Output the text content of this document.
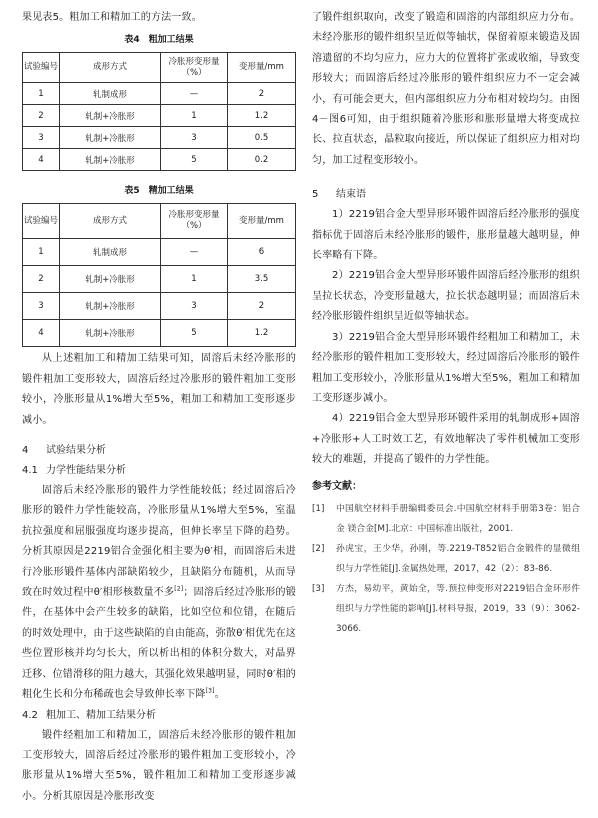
果见表5。粗加工和精加工的方法一致。

表4　粗加工结果
试验编号	成形方式	冷胀形变形量（%）	变形量/mm
1	轧制成形	—	2
2	轧制+冷胀形	1	1.2
3	轧制+冷胀形	3	0.5
4	轧制+冷胀形	5	0.2
表5　精加工结果
试验编号	成形方式	冷胀形变形量（%）	变形量/mm
1	轧制成形	—	6
2	轧制+冷胀形	1	3.5
3	轧制+冷胀形	3	2
4	轧制+冷胀形	5	1.2

从上述粗加工和精加工结果可知，固溶后未经冷胀形的锻件粗加工变形较大，固溶后经过冷胀形的锻件粗加工变形较小，冷胀形量从1%增大至5%，粗加工和精加工变形逐步减小。

4 试验结果分析
4.1 力学性能结果分析

固溶后未经冷胀形的锻件力学性能较低；经过固溶后冷胀形的锻件力学性能较高，冷胀形量从1%增大至5%，室温抗拉强度和屈服强度均逐步提高，但伸长率呈下降的趋势。分析其原因是2219铝合金强化相主要为θ′相，而固溶后未进行冷胀形锻件基体内部缺陷较少，且缺陷分布随机，从而导致在时效过程中θ′相形核数量不多[2]；固溶后经过冷胀形的锻件，在基体中会产生较多的缺陷，比如空位和位错，在随后的时效处理中，由于这些缺陷的自由能高，弥散θ′相优先在这些位置形核并均匀长大，所以析出相的体积分数大，对晶界迁移、位错滑移的阻力越大，其强化效果越明显，同时θ′相的粗化生长和分布稀疏也会导致伸长率下降[3]。

4.2 粗加工、精加工结果分析

锻件经粗加工和精加工，固溶后未经冷胀形的锻件粗加工变形较大，固溶后经过冷胀形的锻件粗加工变形较小，冷胀形量从1%增大至5%，锻件粗加工和精加工变形逐步减小。分析其原因是冷胀形改变

了锻件组织取向，改变了锻造和固溶的内部组织应力分布。未经冷胀形的锻件组织呈近似等轴状，保留着原来锻造及固溶遗留的不均匀应力，应力大的位置将扩张或收缩，导致变形较大；而固溶后经过冷胀形的锻件组织应力不一定会减小，有可能会更大，但内部组织应力分布相对较均匀。由图4－图6可知，由于组织随着冷胀形和胀形量增大将变成拉长、拉直状态，晶粒取向接近，所以保证了组织应力相对均匀，加工过程变形较小。

5 结束语

1）2219铝合金大型异形环锻件固溶后经冷胀形的强度指标优于固溶后未经冷胀形的锻件，胀形量越大越明显，伸长率略有下降。

2）2219铝合金大型异形环锻件固溶后经冷胀形的组织呈拉长状态，冷变形量越大，拉长状态越明显；而固溶后未经冷胀形锻件组织呈近似等轴状态。

3）2219铝合金大型异形环锻件经粗加工和精加工，未经冷胀形的锻件粗加工变形较大，经过固溶后冷胀形的锻件粗加工变形较小，冷胀形量从1%增大至5%，粗加工和精加工变形逐步减小。

4）2219铝合金大型异形环锻件采用的轧制成形+固溶+冷胀形+人工时效工艺，有效地解决了零件机械加工变形较大的难题，并提高了锻件的力学性能。

参考文献：
[1]	中国航空材料手册编辑委员会.中国航空材料手册第3卷：铝合金 镁合金[M].北京：中国标准出版社，2001.
[2]	孙虎宝，王少华，孙刚，等.2219-T852铝合金锻件的显微组织与力学性能[J].金属热处理，2017，42（2）：83-86.
[3]	方杰，易幼平，黄始全，等.预拉伸变形对2219铝合金环形件组织与力学性能的影响[J].材料导报，2019，33（9）：3062-3066.
